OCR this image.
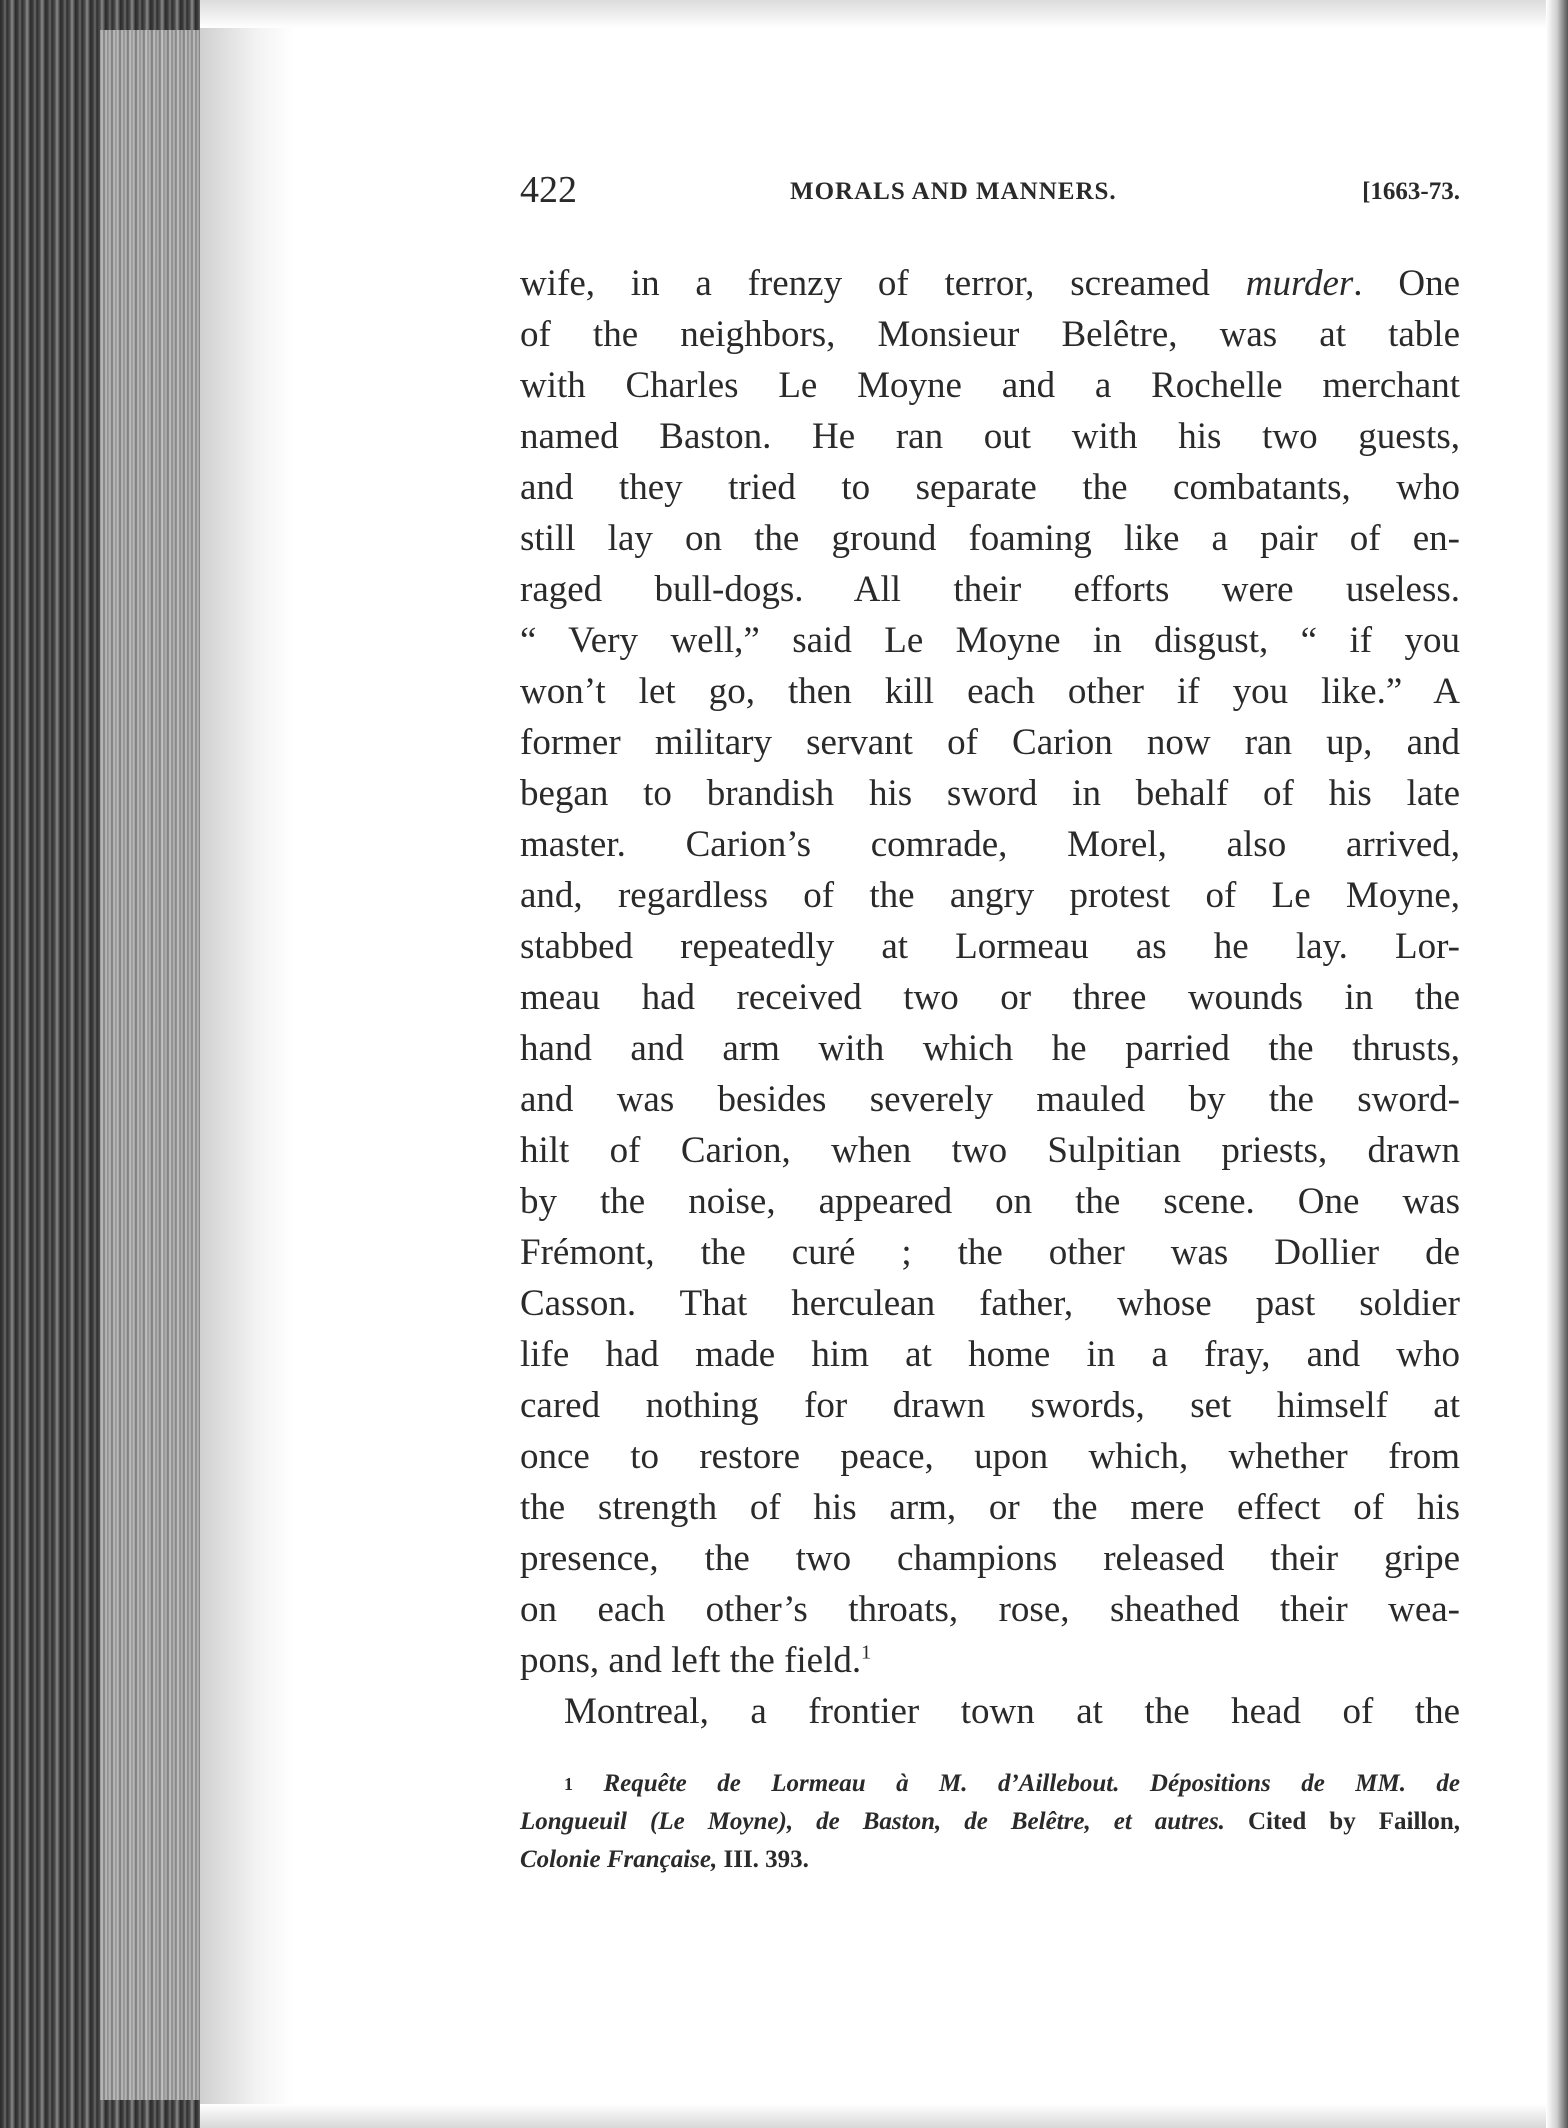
422	MORALS AND MANNERS.	[1663-73.
wife, in a frenzy of terror, screamed murder. One
of the neighbors, Monsieur Belêtre, was at table
with Charles Le Moyne and a Rochelle merchant
named Baston. He ran out with his two guests,
and they tried to separate the combatants, who
still lay on the ground foaming like a pair of en-
raged bull-dogs. All their efforts were useless.
“ Very well,” said Le Moyne in disgust, “ if you
won’t let go, then kill each other if you like.” A
former military servant of Carion now ran up, and
began to brandish his sword in behalf of his late
master. Carion’s comrade, Morel, also arrived,
and, regardless of the angry protest of Le Moyne,
stabbed repeatedly at Lormeau as he lay. Lor-
meau had received two or three wounds in the
hand and arm with which he parried the thrusts,
and was besides severely mauled by the sword-
hilt of Carion, when two Sulpitian priests, drawn
by the noise, appeared on the scene. One was
Frémont, the curé ; the other was Dollier de
Casson. That herculean father, whose past soldier
life had made him at home in a fray, and who
cared nothing for drawn swords, set himself at
once to restore peace, upon which, whether from
the strength of his arm, or the mere effect of his
presence, the two champions released their gripe
on each other’s throats, rose, sheathed their wea-
pons, and left the field.$^1$
Montreal, a frontier town at the head of the
$^1$ Requête de Lormeau à M. d’Aillebout. Dépositions de MM. de
Longueuil (Le Moyne), de Baston, de Belêtre, et autres. Cited by Faillon,
Colonie Française, III. 393.
